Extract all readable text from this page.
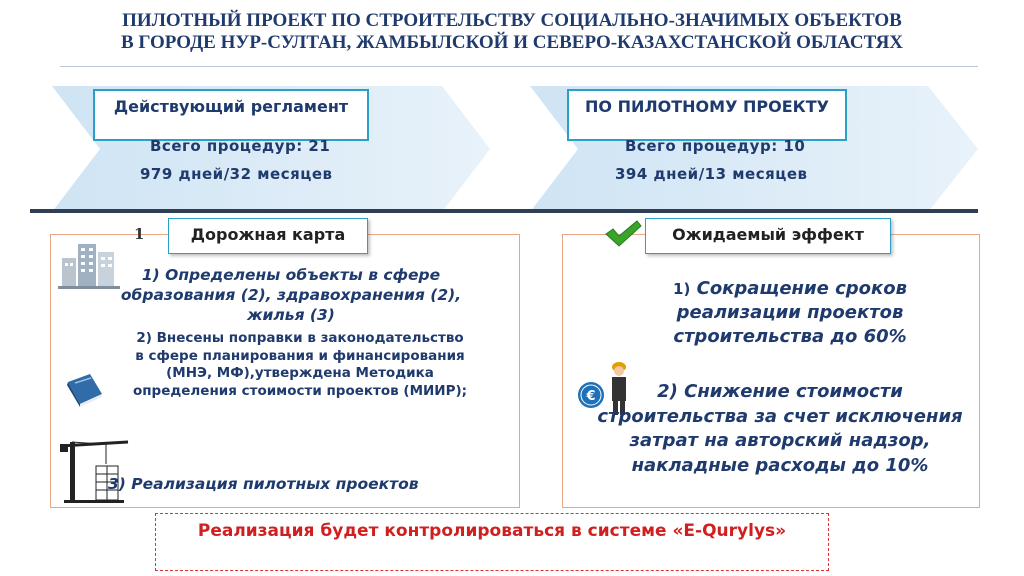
ПИЛОТНЫЙ ПРОЕКТ ПО СТРОИТЕЛЬСТВУ СОЦИАЛЬНО-ЗНАЧИМЫХ ОБЪЕКТОВ
В ГОРОДЕ НУР-СУЛТАН, ЖАМБЫЛСКОЙ И СЕВЕРО-КАЗАХСТАНСКОЙ ОБЛАСТЯХ
Действующий регламент
Всего процедур: 21
979 дней/32 месяцев
ПО ПИЛОТНОМУ ПРОЕКТУ
Всего процедур: 10
394 дней/13 месяцев
1	Дорожная карта
1) Определены объекты в сфере образования (2), здравохранения (2), жилья (3)
2) Внесены поправки в законодательство в сфере планирования и финансирования (МНЭ, МФ),утверждена Методика определения стоимости проектов (МИИР);
3) Реализация пилотных проектов
Ожидаемый эффект
1) Сокращение сроков реализации проектов строительства до 60%
€	2) Снижение стоимости строительства за счет исключения затрат на авторский надзор, накладные расходы до 10%
Реализация будет контролироваться в системе «E-Qurylys»
